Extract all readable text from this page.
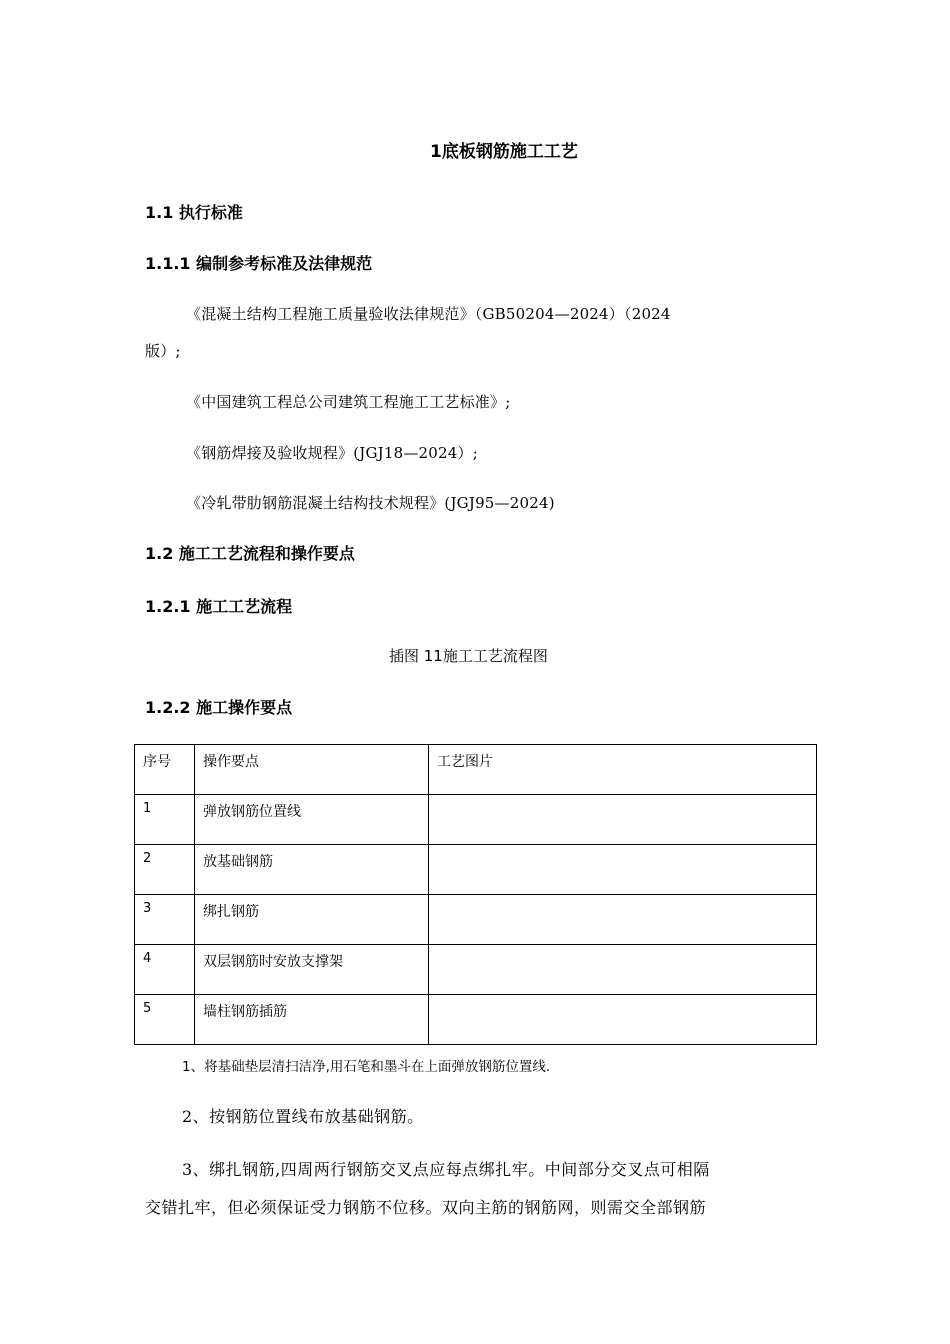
1底板钢筋施工工艺
1.1 执行标准
1.1.1 编制参考标准及法律规范
《混凝土结构工程施工质量验收法律规范》（GB50204—2024）（2024
版）;
《中国建筑工程总公司建筑工程施工工艺标准》;
《钢筋焊接及验收规程》(JGJ18—2024）;
《冷轧带肋钢筋混凝土结构技术规程》(JGJ95—2024)
1.2 施工工艺流程和操作要点
1.2.1 施工工艺流程
插图 11施工工艺流程图
1.2.2 施工操作要点
序号	操作要点	工艺图片
1	弹放钢筋位置线	
2	放基础钢筋	
3	绑扎钢筋	
4	双层钢筋时安放支撑架	
5	墙柱钢筋插筋	
1、将基础垫层清扫洁净,用石笔和墨斗在上面弹放钢筋位置线.
2、按钢筋位置线布放基础钢筋。
3、绑扎钢筋,四周两行钢筋交叉点应每点绑扎牢。中间部分交叉点可相隔
交错扎牢，但必须保证受力钢筋不位移。双向主筋的钢筋网，则需交全部钢筋
